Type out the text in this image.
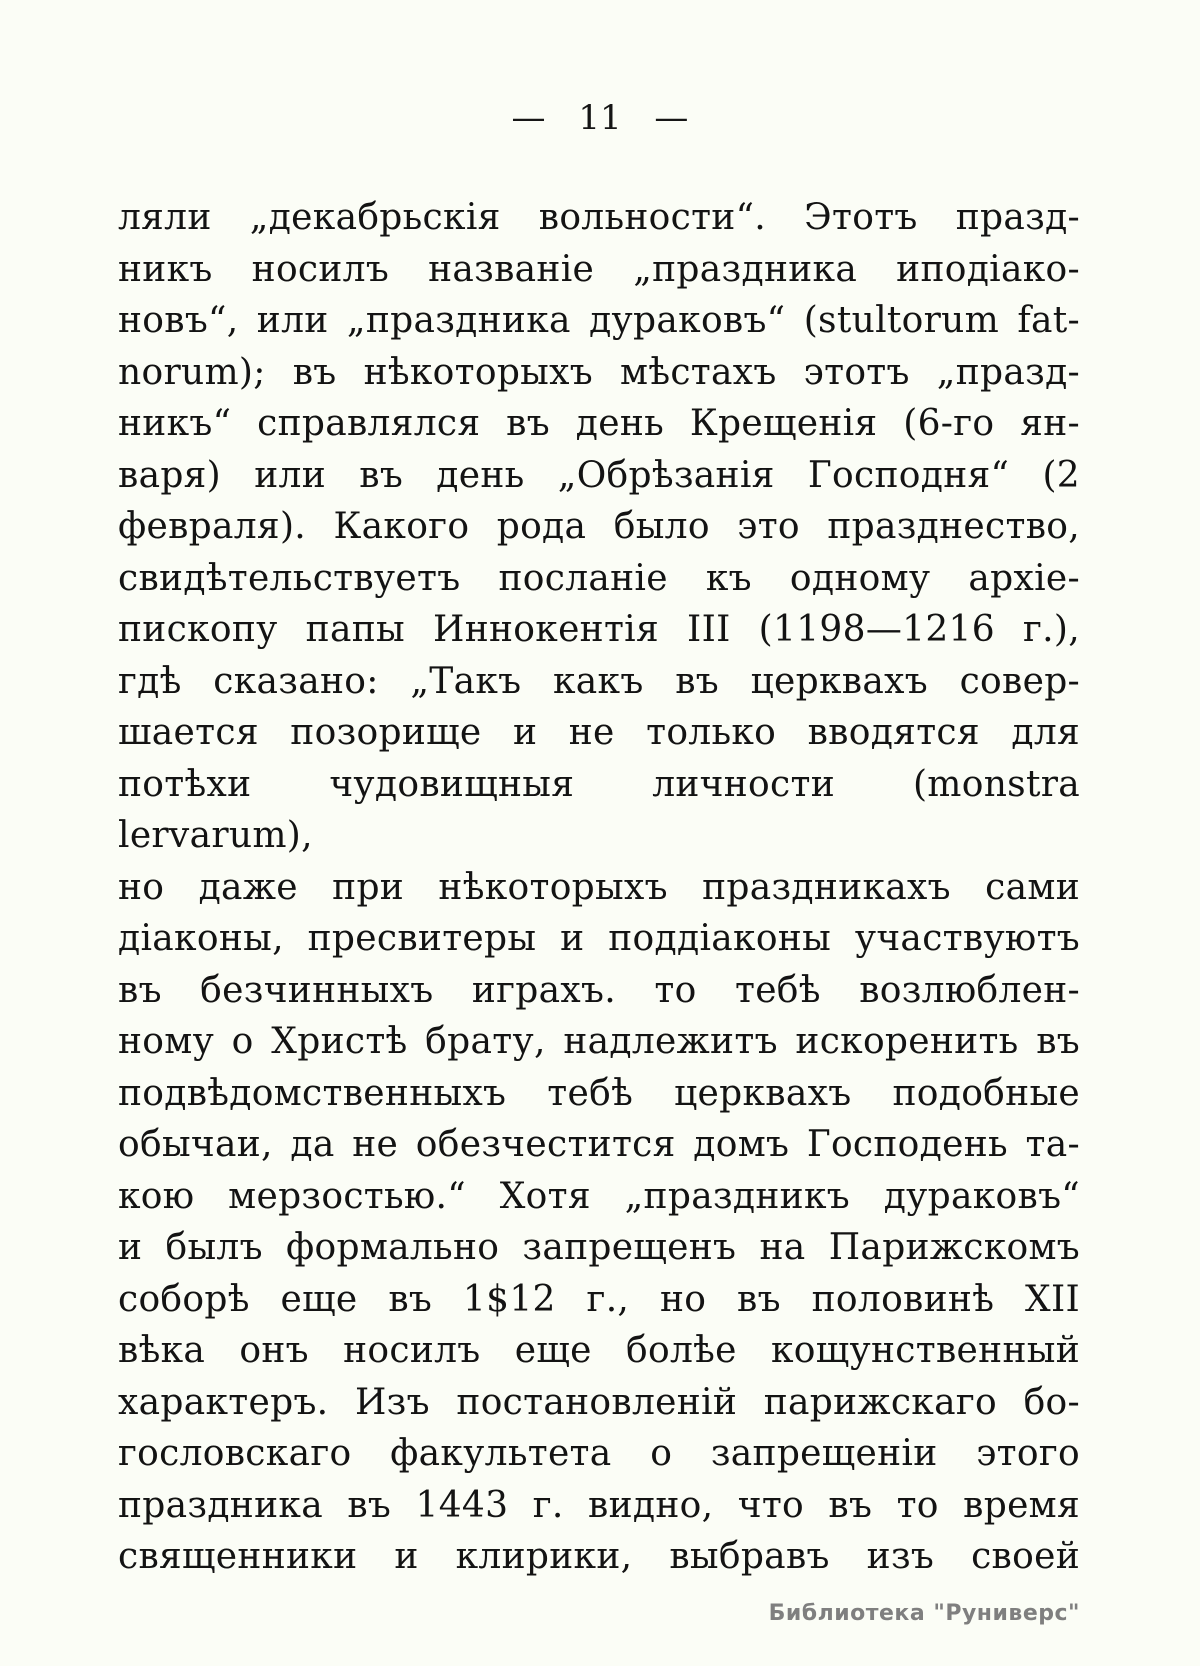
— 11 —
ляли „декабрьскія вольности“. Этотъ празд-
никъ носилъ названіе „праздника иподіако-
новъ“, или „праздника дураковъ“ (stultorum fat-
norum); въ нѣкоторыхъ мѣстахъ этотъ „празд-
никъ“ справлялся въ день Крещенія (6-го ян-
варя) или въ день „Обрѣзанія Господня“ (2
февраля). Какого рода было это празднество,
свидѣтельствуетъ посланіе къ одному архіе-
пископу папы Иннокентія III (1198—1216 г.),
гдѣ сказано: „Такъ какъ въ церквахъ совер-
шается позорище и не только вводятся для
потѣхи чудовищныя личности (monstra lervarum),
но даже при нѣкоторыхъ праздникахъ сами
діаконы, пресвитеры и поддіаконы участвуютъ
въ безчинныхъ играхъ. то тебѣ возлюблен-
ному о Христѣ брату, надлежитъ искоренить въ
подвѣдомственныхъ тебѣ церквахъ подобные
обычаи, да не обезчестится домъ Господень та-
кою мерзостью.“ Хотя „праздникъ дураковъ“
и былъ формально запрещенъ на Парижскомъ
соборѣ еще въ 1$12 г., но въ половинѣ XII
вѣка онъ носилъ еще болѣе кощунственный
характеръ. Изъ постановленій парижскаго бо-
гословскаго факультета о запрещеніи этого
праздника въ 1443 г. видно, что въ то время
священники и клирики, выбравъ изъ своей
Библиотека "Руниверс"
